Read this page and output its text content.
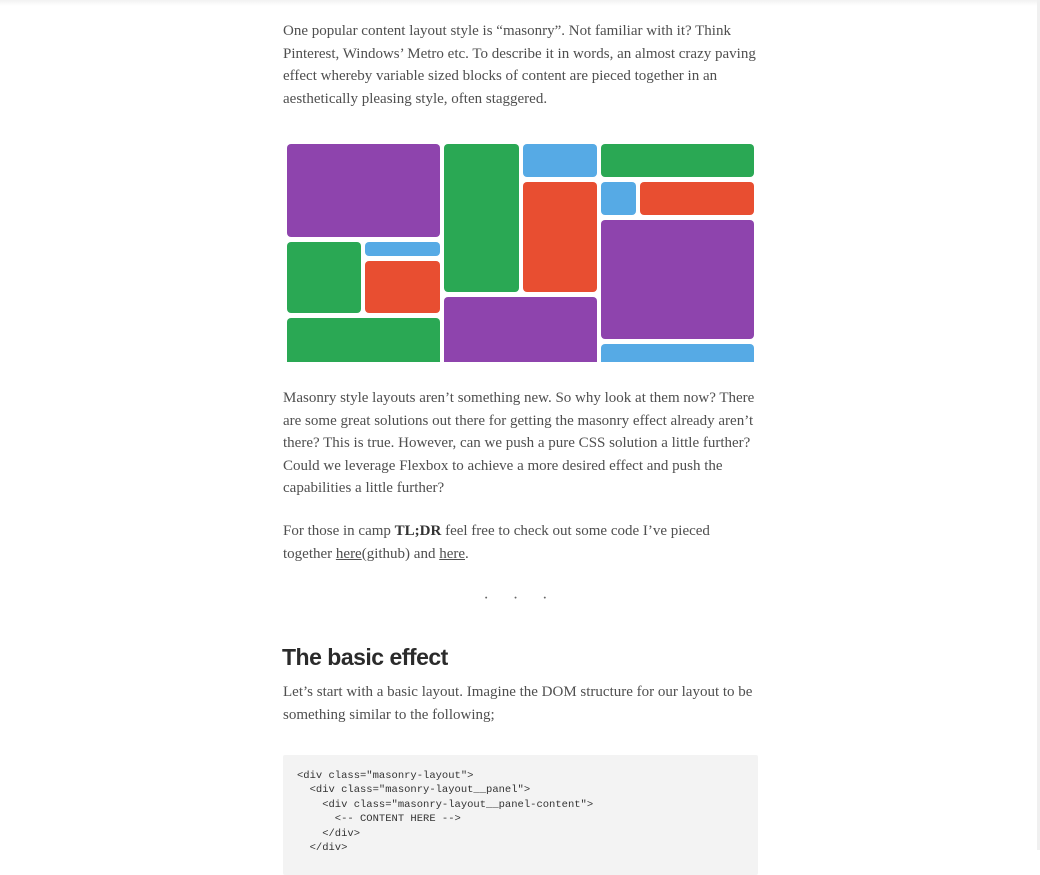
One popular content layout style is “masonry”. Not familiar with it? Think Pinterest, Windows’ Metro etc. To describe it in words, an almost crazy paving effect whereby variable sized blocks of content are pieced together in an aesthetically pleasing style, often staggered.

Masonry style layouts aren’t something new. So why look at them now? There are some great solutions out there for getting the masonry effect already aren’t there? This is true. However, can we push a pure CSS solution a little further? Could we leverage Flexbox to achieve a more desired effect and push the capabilities a little further?

For those in camp TL;DR feel free to check out some code I’ve pieced together here(github) and here.

· · ·
The basic effect

Let’s start with a basic layout. Imagine the DOM structure for our layout to be something similar to the following;

<div class="masonry-layout">
<div class="masonry-layout__panel">
<div class="masonry-layout__panel-content">
<-- CONTENT HERE -->
</div>
</div>
